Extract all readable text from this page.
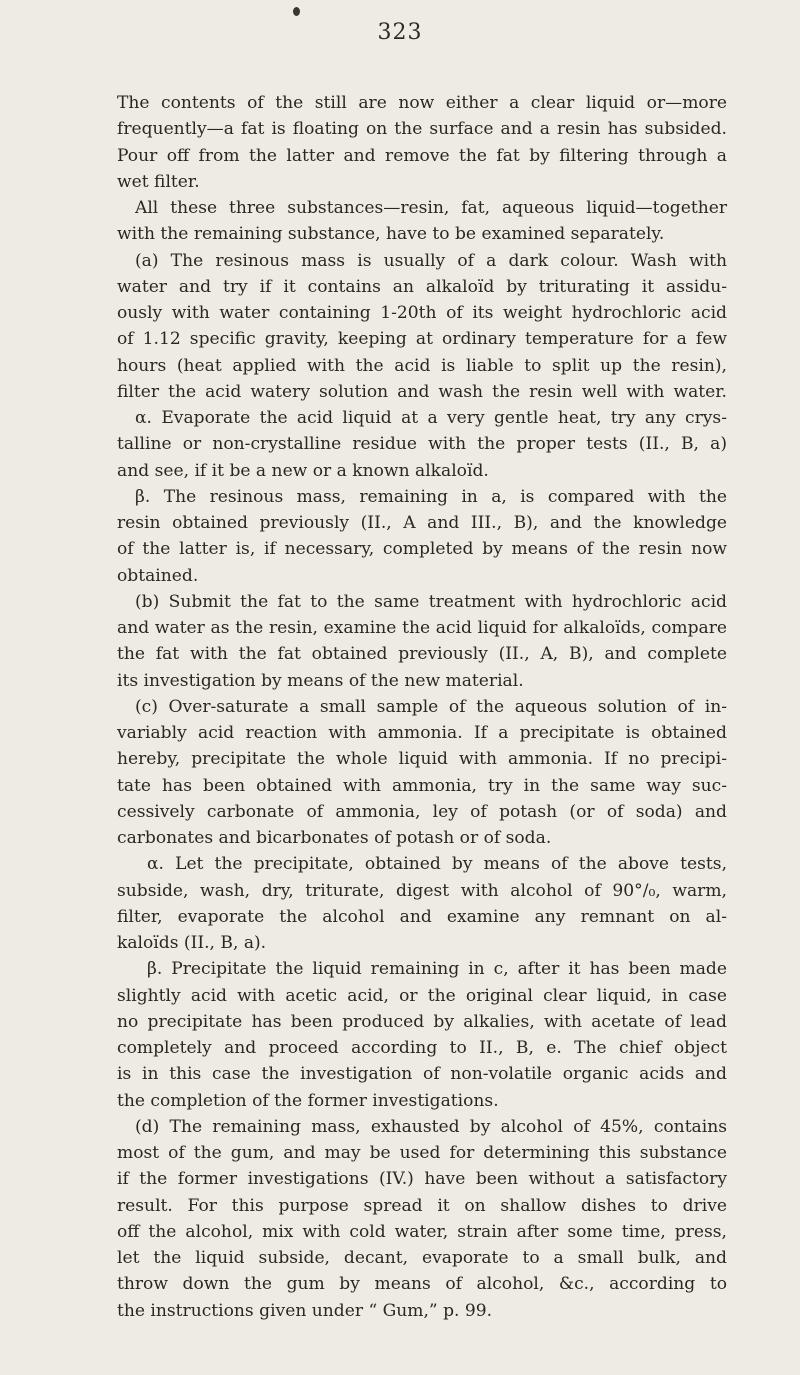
323
The contents of the still are now either a clear liquid or—more
frequently—a fat is floating on the surface and a resin has subsided.
Pour off from the latter and remove the fat by filtering through a
wet filter.
All these three substances—resin, fat, aqueous liquid—together
with the remaining substance, have to be examined separately.
(a) The resinous mass is usually of a dark colour. Wash with
water and try if it contains an alkaloïd by triturating it assidu-
ously with water containing 1-20th of its weight hydrochloric acid
of 1.12 specific gravity, keeping at ordinary temperature for a few
hours (heat applied with the acid is liable to split up the resin),
filter the acid watery solution and wash the resin well with water.
α. Evaporate the acid liquid at a very gentle heat, try any crys-
talline or non-crystalline residue with the proper tests (II., B, a)
and see, if it be a new or a known alkaloïd.
β. The resinous mass, remaining in a, is compared with the
resin obtained previously (II., A and III., B), and the knowledge
of the latter is, if necessary, completed by means of the resin now
obtained.
(b) Submit the fat to the same treatment with hydrochloric acid
and water as the resin, examine the acid liquid for alkaloïds, compare
the fat with the fat obtained previously (II., A, B), and complete
its investigation by means of the new material.
(c) Over-saturate a small sample of the aqueous solution of in-
variably acid reaction with ammonia. If a precipitate is obtained
hereby, precipitate the whole liquid with ammonia. If no precipi-
tate has been obtained with ammonia, try in the same way suc-
cessively carbonate of ammonia, ley of potash (or of soda) and
carbonates and bicarbonates of potash or of soda.
α. Let the precipitate, obtained by means of the above tests,
subside, wash, dry, triturate, digest with alcohol of 90°/₀, warm,
filter, evaporate the alcohol and examine any remnant on al-
kaloïds (II., B, a).
β. Precipitate the liquid remaining in c, after it has been made
slightly acid with acetic acid, or the original clear liquid, in case
no precipitate has been produced by alkalies, with acetate of lead
completely and proceed according to II., B, e. The chief object
is in this case the investigation of non-volatile organic acids and
the completion of the former investigations.
(d) The remaining mass, exhausted by alcohol of 45%, contains
most of the gum, and may be used for determining this substance
if the former investigations (IV.) have been without a satisfactory
result. For this purpose spread it on shallow dishes to drive
off the alcohol, mix with cold water, strain after some time, press,
let the liquid subside, decant, evaporate to a small bulk, and
throw down the gum by means of alcohol, &c., according to
the instructions given under “ Gum,” p. 99.
